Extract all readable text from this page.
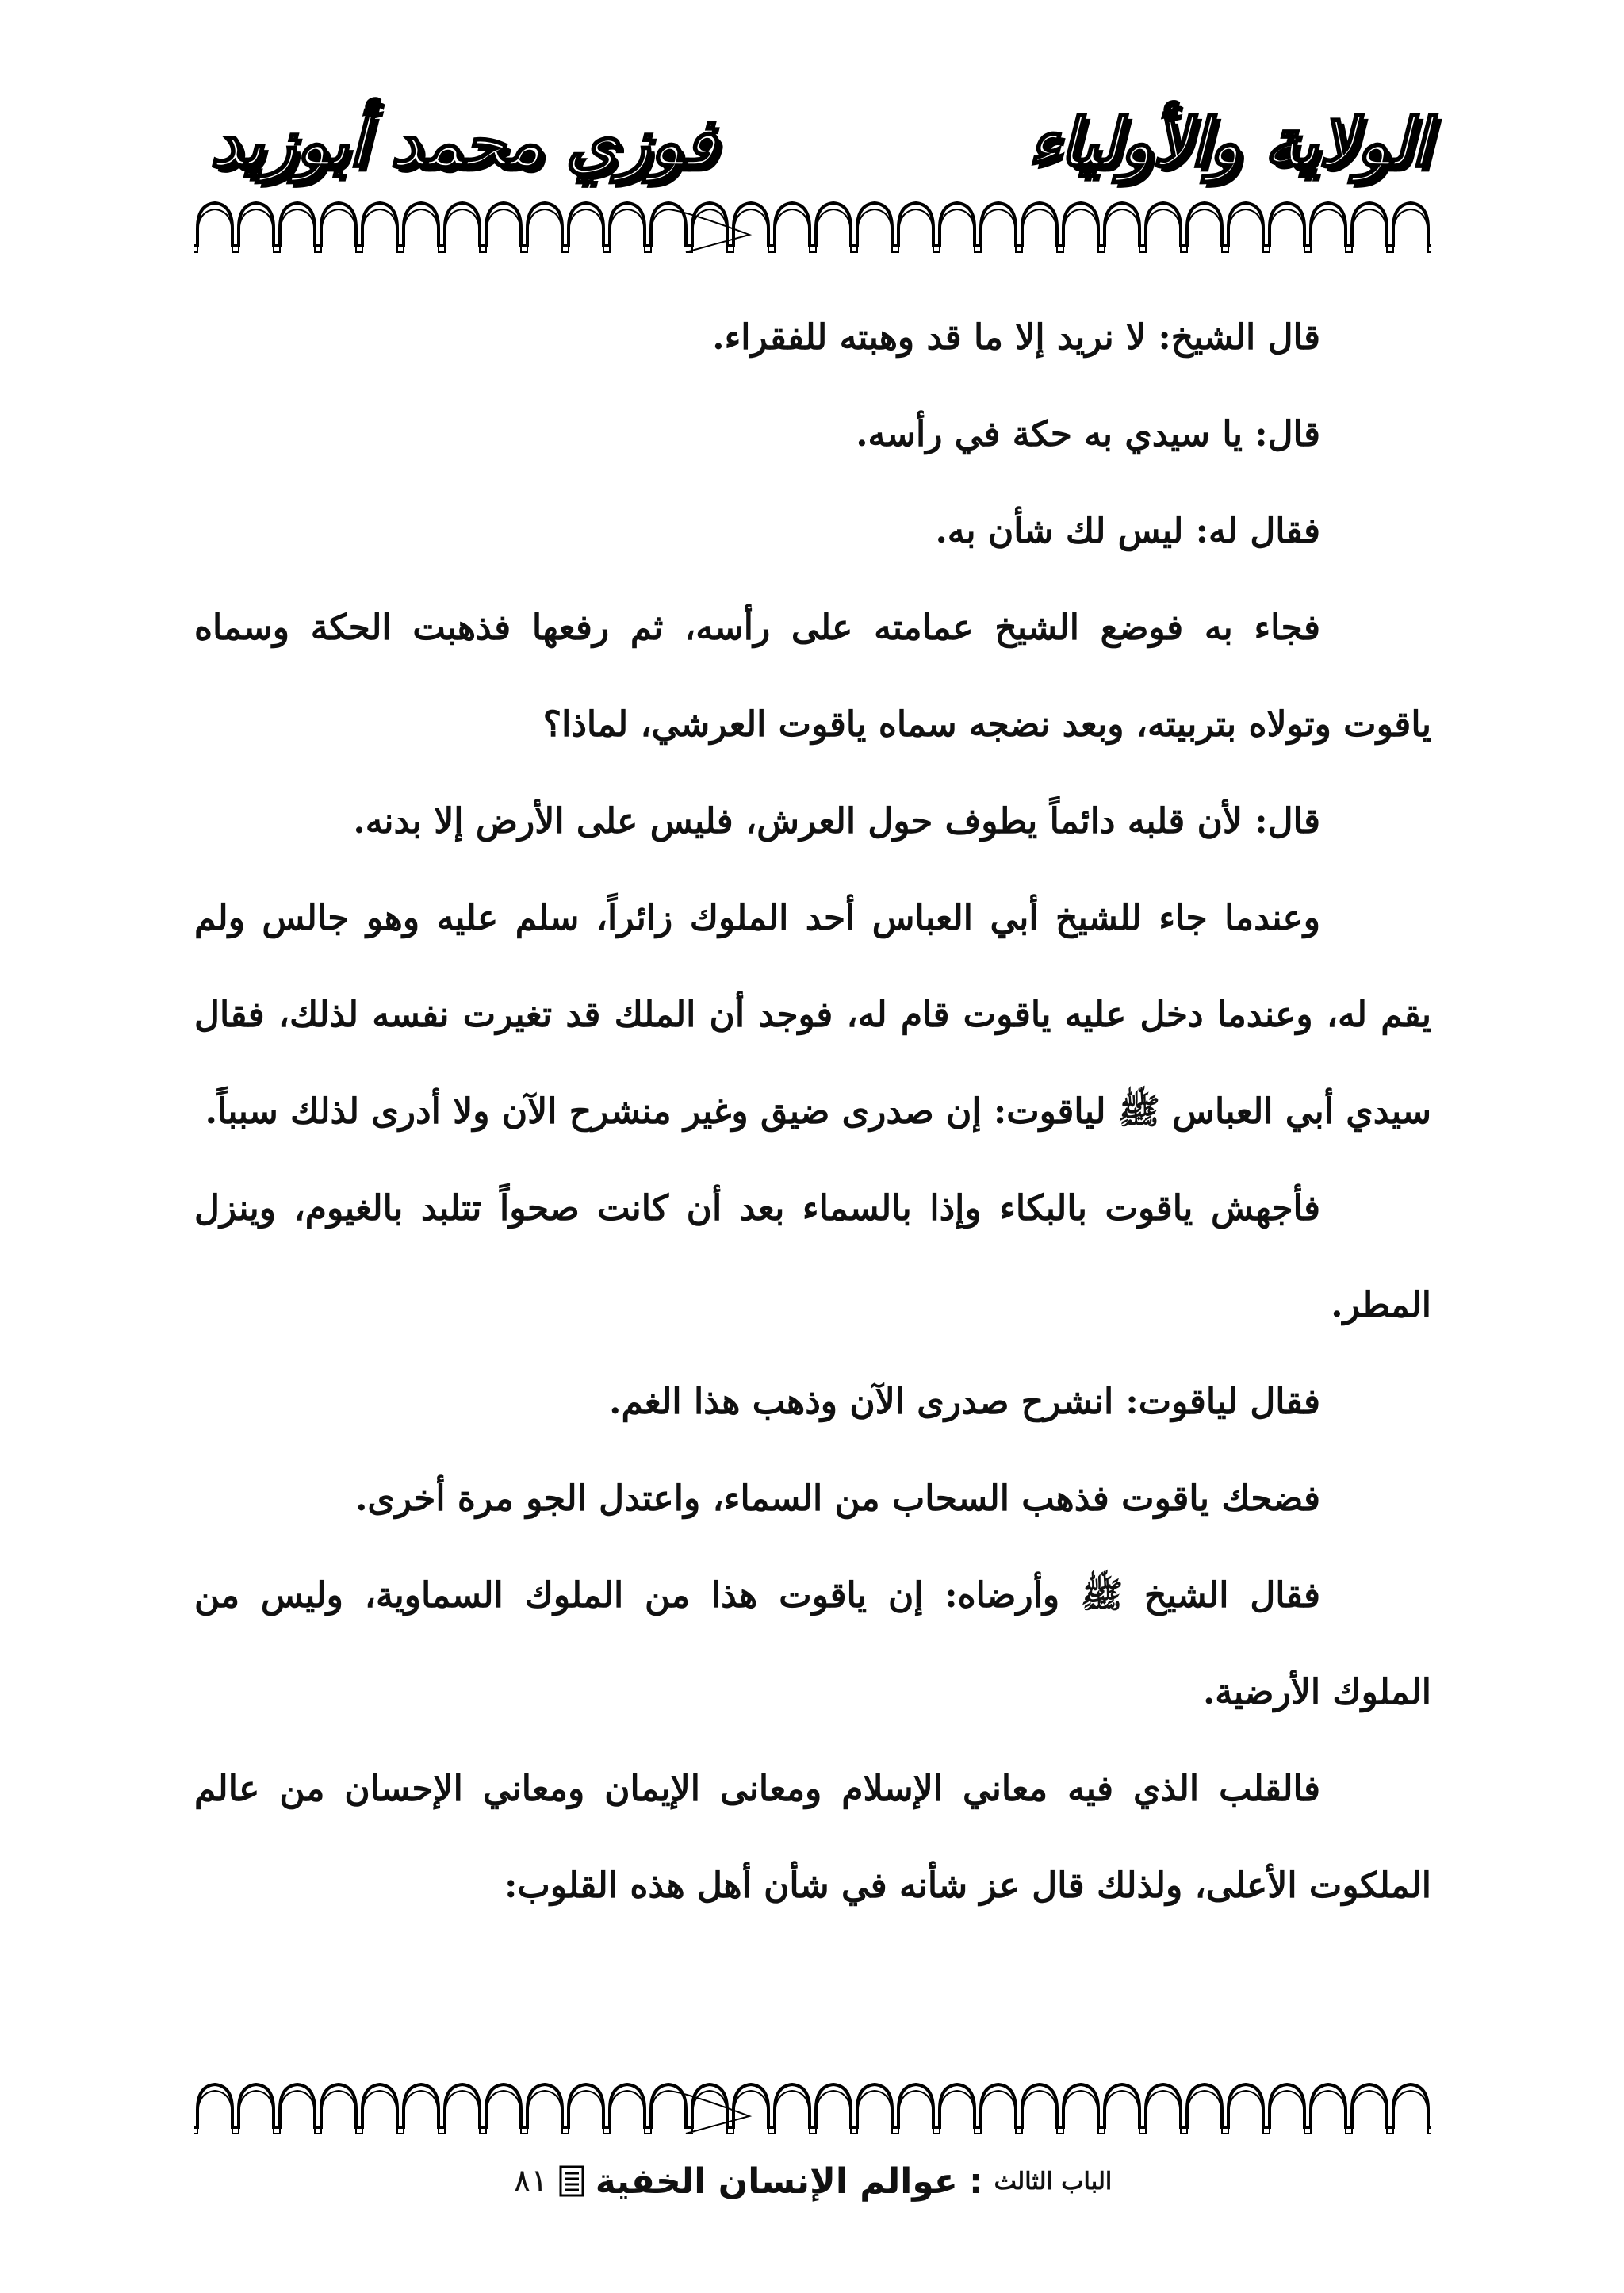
الولاية والأولياء
فوزي محمد أبوزيد

قال الشيخ: لا نريد إلا ما قد وهبته للفقراء.

قال: يا سيدي به حكة في رأسه.

فقال له: ليس لك شأن به.

فجاء به فوضع الشيخ عمامته على رأسه، ثم رفعها فذهبت الحكة وسماه ياقوت وتولاه بتربيته، وبعد نضجه سماه ياقوت العرشي، لماذا؟

قال: لأن قلبه دائماً يطوف حول العرش، فليس على الأرض إلا بدنه.

وعندما جاء للشيخ أبي العباس أحد الملوك زائراً، سلم عليه وهو جالس ولم يقم له، وعندما دخل عليه ياقوت قام له، فوجد أن الملك قد تغيرت نفسه لذلك، فقال سيدي أبي العباس ﷺ لياقوت: إن صدرى ضيق وغير منشرح الآن ولا أدرى لذلك سبباً.

فأجهش ياقوت بالبكاء وإذا بالسماء بعد أن كانت صحواً تتلبد بالغيوم، وينزل المطر.

فقال لياقوت: انشرح صدرى الآن وذهب هذا الغم.

فضحك ياقوت فذهب السحاب من السماء، واعتدل الجو مرة أخرى.

فقال الشيخ ﷺ وأرضاه: إن ياقوت هذا من الملوك السماوية، وليس من الملوك الأرضية.

فالقلب الذي فيه معاني الإسلام ومعانى الإيمان ومعاني الإحسان من عالم الملكوت الأعلى، ولذلك قال عز شأنه في شأن أهل هذه القلوب:

الباب الثالث
:
عوالم الإنسان الخفية
٨١
